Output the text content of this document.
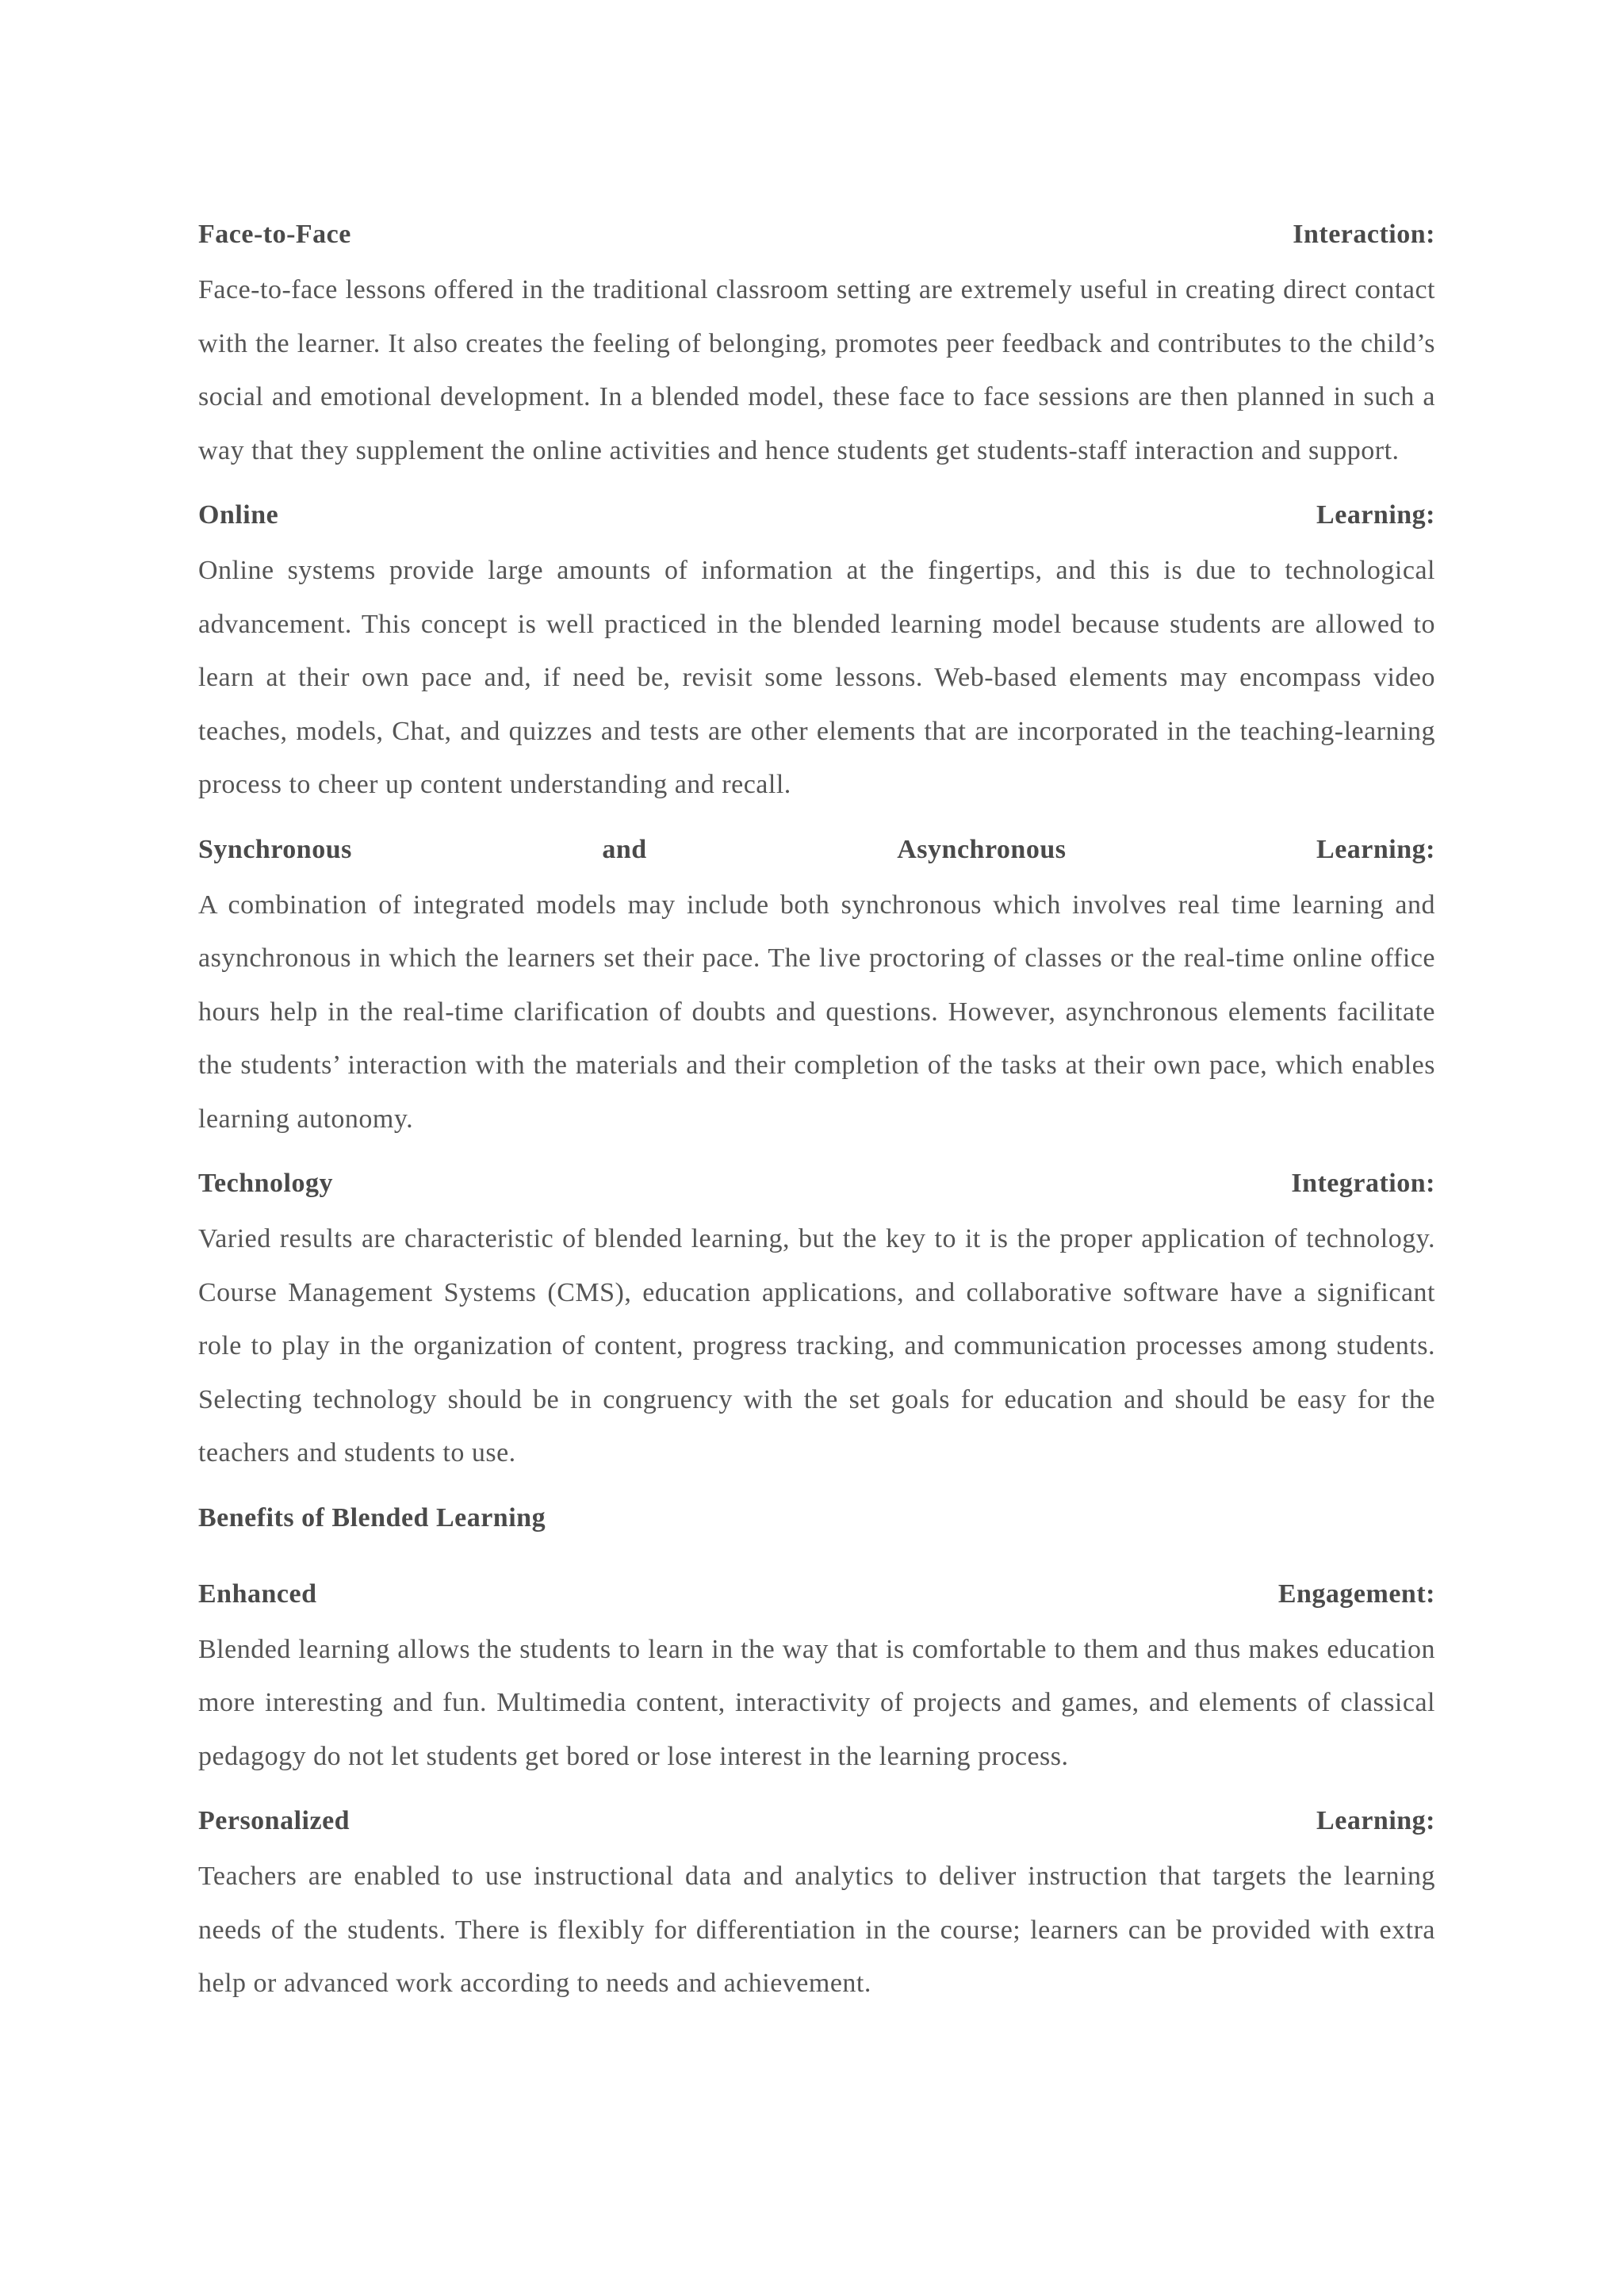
Face-to-Face	Interaction:

Face-to-face lessons offered in the traditional classroom setting are extremely useful in creating direct contact with the learner. It also creates the feeling of belonging, promotes peer feedback and contributes to the child’s social and emotional development. In a blended model, these face to face sessions are then planned in such a way that they supplement the online activities and hence students get students-staff interaction and support.

Online	Learning:

Online systems provide large amounts of information at the fingertips, and this is due to technological advancement. This concept is well practiced in the blended learning model because students are allowed to learn at their own pace and, if need be, revisit some lessons. Web-based elements may encompass video teaches, models, Chat, and quizzes and tests are other elements that are incorporated in the teaching-learning process to cheer up content understanding and recall.

Synchronous	and	Asynchronous	Learning:

A combination of integrated models may include both synchronous which involves real time learning and asynchronous in which the learners set their pace. The live proctoring of classes or the real-time online office hours help in the real-time clarification of doubts and questions. However, asynchronous elements facilitate the students’ interaction with the materials and their completion of the tasks at their own pace, which enables learning autonomy.

Technology	Integration:

Varied results are characteristic of blended learning, but the key to it is the proper application of technology. Course Management Systems (CMS), education applications, and collaborative software have a significant role to play in the organization of content, progress tracking, and communication processes among students. Selecting technology should be in congruency with the set goals for education and should be easy for the teachers and students to use.

Benefits of Blended Learning

Enhanced	Engagement:

Blended learning allows the students to learn in the way that is comfortable to them and thus makes education more interesting and fun. Multimedia content, interactivity of projects and games, and elements of classical pedagogy do not let students get bored or lose interest in the learning process.

Personalized	Learning:

Teachers are enabled to use instructional data and analytics to deliver instruction that targets the learning needs of the students. There is flexibly for differentiation in the course; learners can be provided with extra help or advanced work according to needs and achievement.
